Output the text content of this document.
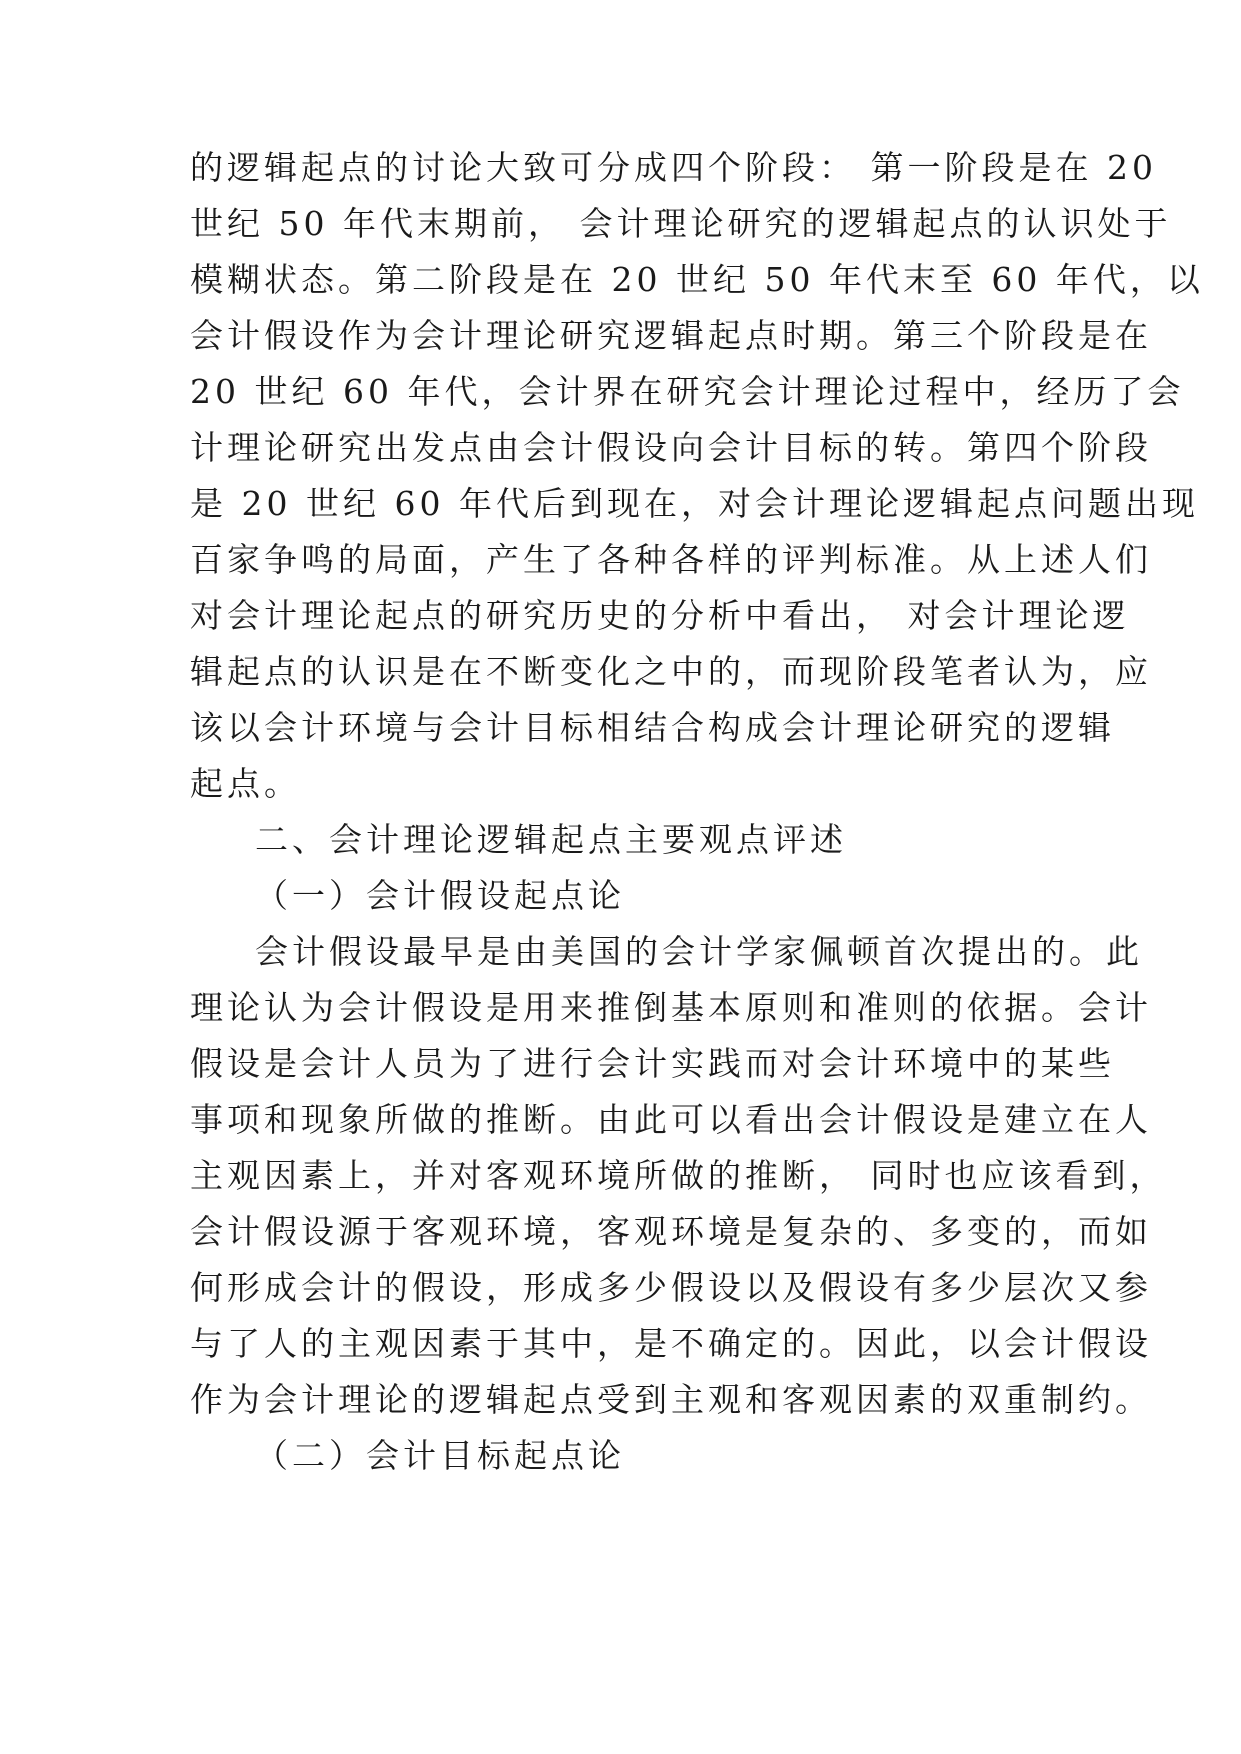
的逻辑起点的讨论大致可分成四个阶段： 第一阶段是在 20
世纪 50 年代末期前， 会计理论研究的逻辑起点的认识处于
模糊状态。第二阶段是在 20 世纪 50 年代末至 60 年代，以
会计假设作为会计理论研究逻辑起点时期。第三个阶段是在
20 世纪 60 年代，会计界在研究会计理论过程中，经历了会
计理论研究出发点由会计假设向会计目标的转。第四个阶段
是 20 世纪 60 年代后到现在，对会计理论逻辑起点问题出现
百家争鸣的局面，产生了各种各样的评判标准。从上述人们
对会计理论起点的研究历史的分析中看出， 对会计理论逻
辑起点的认识是在不断变化之中的，而现阶段笔者认为，应
该以会计环境与会计目标相结合构成会计理论研究的逻辑
起点。
二、会计理论逻辑起点主要观点评述
（一）会计假设起点论
会计假设最早是由美国的会计学家佩顿首次提出的。此
理论认为会计假设是用来推倒基本原则和准则的依据。会计
假设是会计人员为了进行会计实践而对会计环境中的某些
事项和现象所做的推断。由此可以看出会计假设是建立在人
主观因素上，并对客观环境所做的推断， 同时也应该看到，
会计假设源于客观环境，客观环境是复杂的、多变的，而如
何形成会计的假设，形成多少假设以及假设有多少层次又参
与了人的主观因素于其中，是不确定的。因此，以会计假设
作为会计理论的逻辑起点受到主观和客观因素的双重制约。
（二）会计目标起点论
